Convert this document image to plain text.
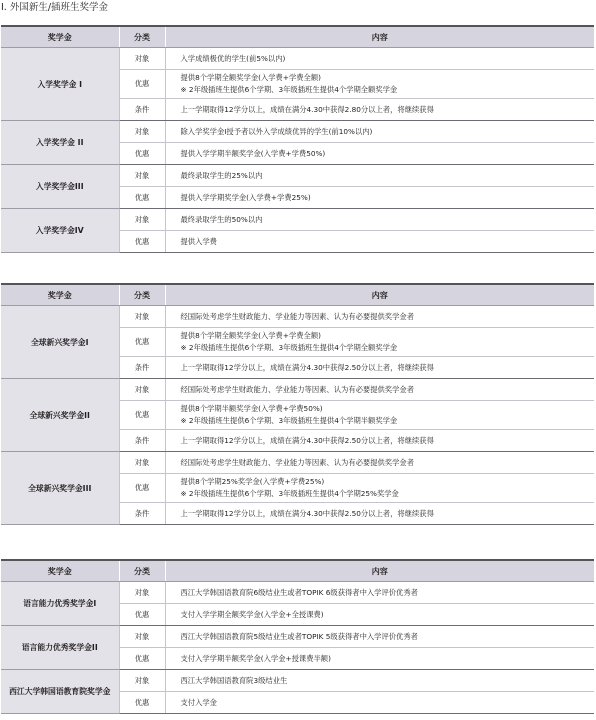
I. 外国新生/插班生奖学金
奖学金	分类	内容
入学奖学金 I	对象	入学成绩极优的学生(前5%以内)

	优惠	提供8个学期全额奖学金(入学费+学费全额)
※ 2年级插班生提供6个学期、3年级插班生提供4个学期全额奖学金

	条件	上一学期取得12学分以上，成绩在满分4.30中获得2.80分以上者，将继续获得

入学奖学金 II	对象	除入学奖学金I授予者以外入学成绩优异的学生(前10%以内)

	优惠	提供入学学期半额奖学金(入学费+学费50%)

入学奖学金III	对象	最终录取学生的25%以内

	优惠	提供入学学期奖学金(入学费+学费25%)

入学奖学金IV	对象	最终录取学生的50%以内

	优惠	提供入学费
奖学金	分类	内容
全球新兴奖学金I	对象	经国际处考虑学生财政能力、学业能力等因素、认为有必要提供奖学金者

	优惠	提供8个学期全额奖学金(入学费+学费全额)
※ 2年级插班生提供6个学期、3年级插班生提供4个学期全额奖学金

	条件	上一学期取得12学分以上，成绩在满分4.30中获得2.50分以上者，将继续获得

全球新兴奖学金II	对象	经国际处考虑学生财政能力、学业能力等因素、认为有必要提供奖学金者

	优惠	提供8个学期半额奖学金(入学费+学费50%)
※ 2年级插班生提供6个学期、3年级插班生提供4个学期半额奖学金

	条件	上一学期取得12学分以上，成绩在满分4.30中获得2.50分以上者，将继续获得

全球新兴奖学金III	对象	经国际处考虑学生财政能力、学业能力等因素、认为有必要提供奖学金者

	优惠	提供8个学期25%奖学金(入学费+学费25%)
※ 2年级插班生提供6个学期、3年级插班生提供4个学期25%奖学金

	条件	上一学期取得12学分以上，成绩在满分4.30中获得2.50分以上者，将继续获得
奖学金	分类	内容
语言能力优秀奖学金I	对象	西江大学韩国语教育院6级结业生或者TOPIK 6级获得者中入学评价优秀者

	优惠	支付入学学期全额奖学金(入学金+全授课费)

语言能力优秀奖学金II	对象	西江大学韩国语教育院5级结业生或者TOPIK 5级获得者中入学评价优秀者

	优惠	支付入学学期半额奖学金(入学金+授课费半额)

西江大学韩国语教育院奖学金	对象	西江大学韩国语教育院3级结业生

	优惠	支付入学金
